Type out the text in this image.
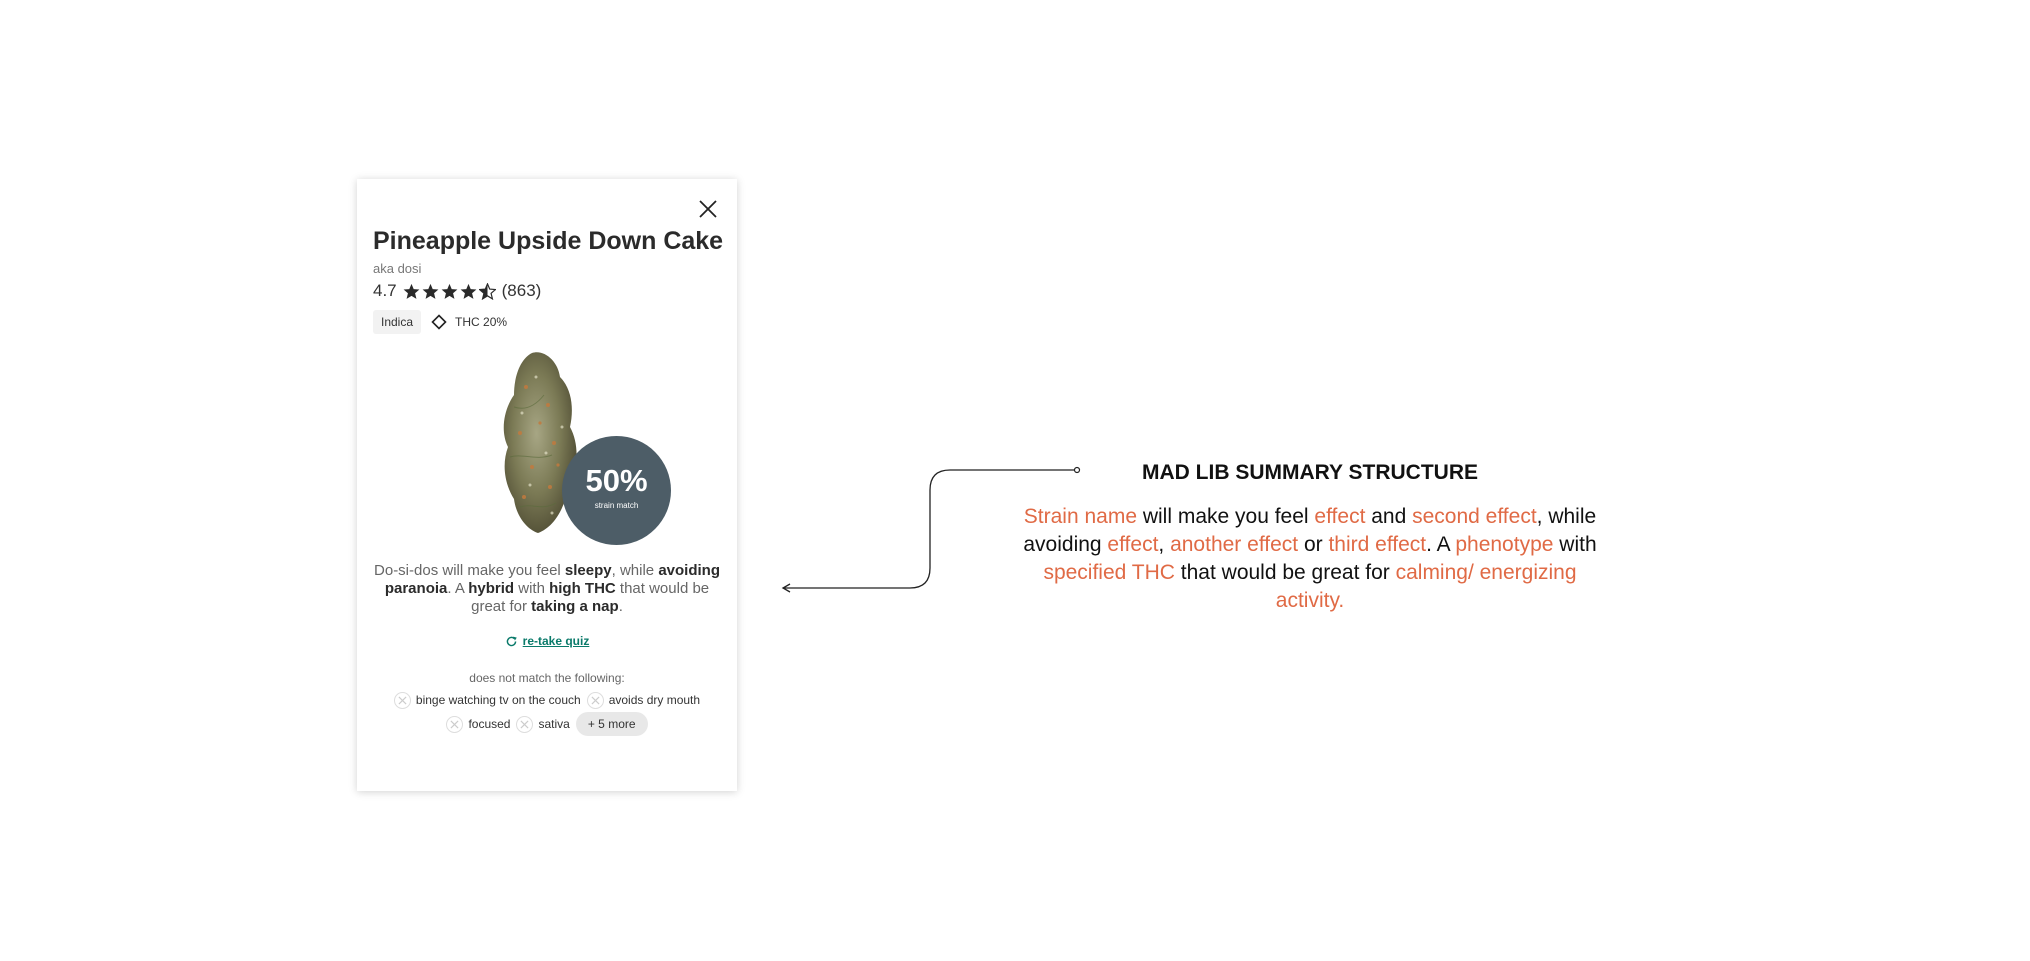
Pineapple Upside Down Cake
aka dosi
4.7	(863)
Indica	THC 20%
50%
strain match
Do-si-dos will make you feel sleepy, while avoiding paranoia. A hybrid with high THC that would be great for taking a nap.
re-take quiz
does not match the following:
binge watching tv on the couch avoids dry mouth
focused sativa	+ 5 more
MAD LIB SUMMARY STRUCTURE
Strain name will make you feel effect and second effect, while avoiding effect, another effect or third effect. A phenotype with specified THC that would be great for calming/ energizing activity.
